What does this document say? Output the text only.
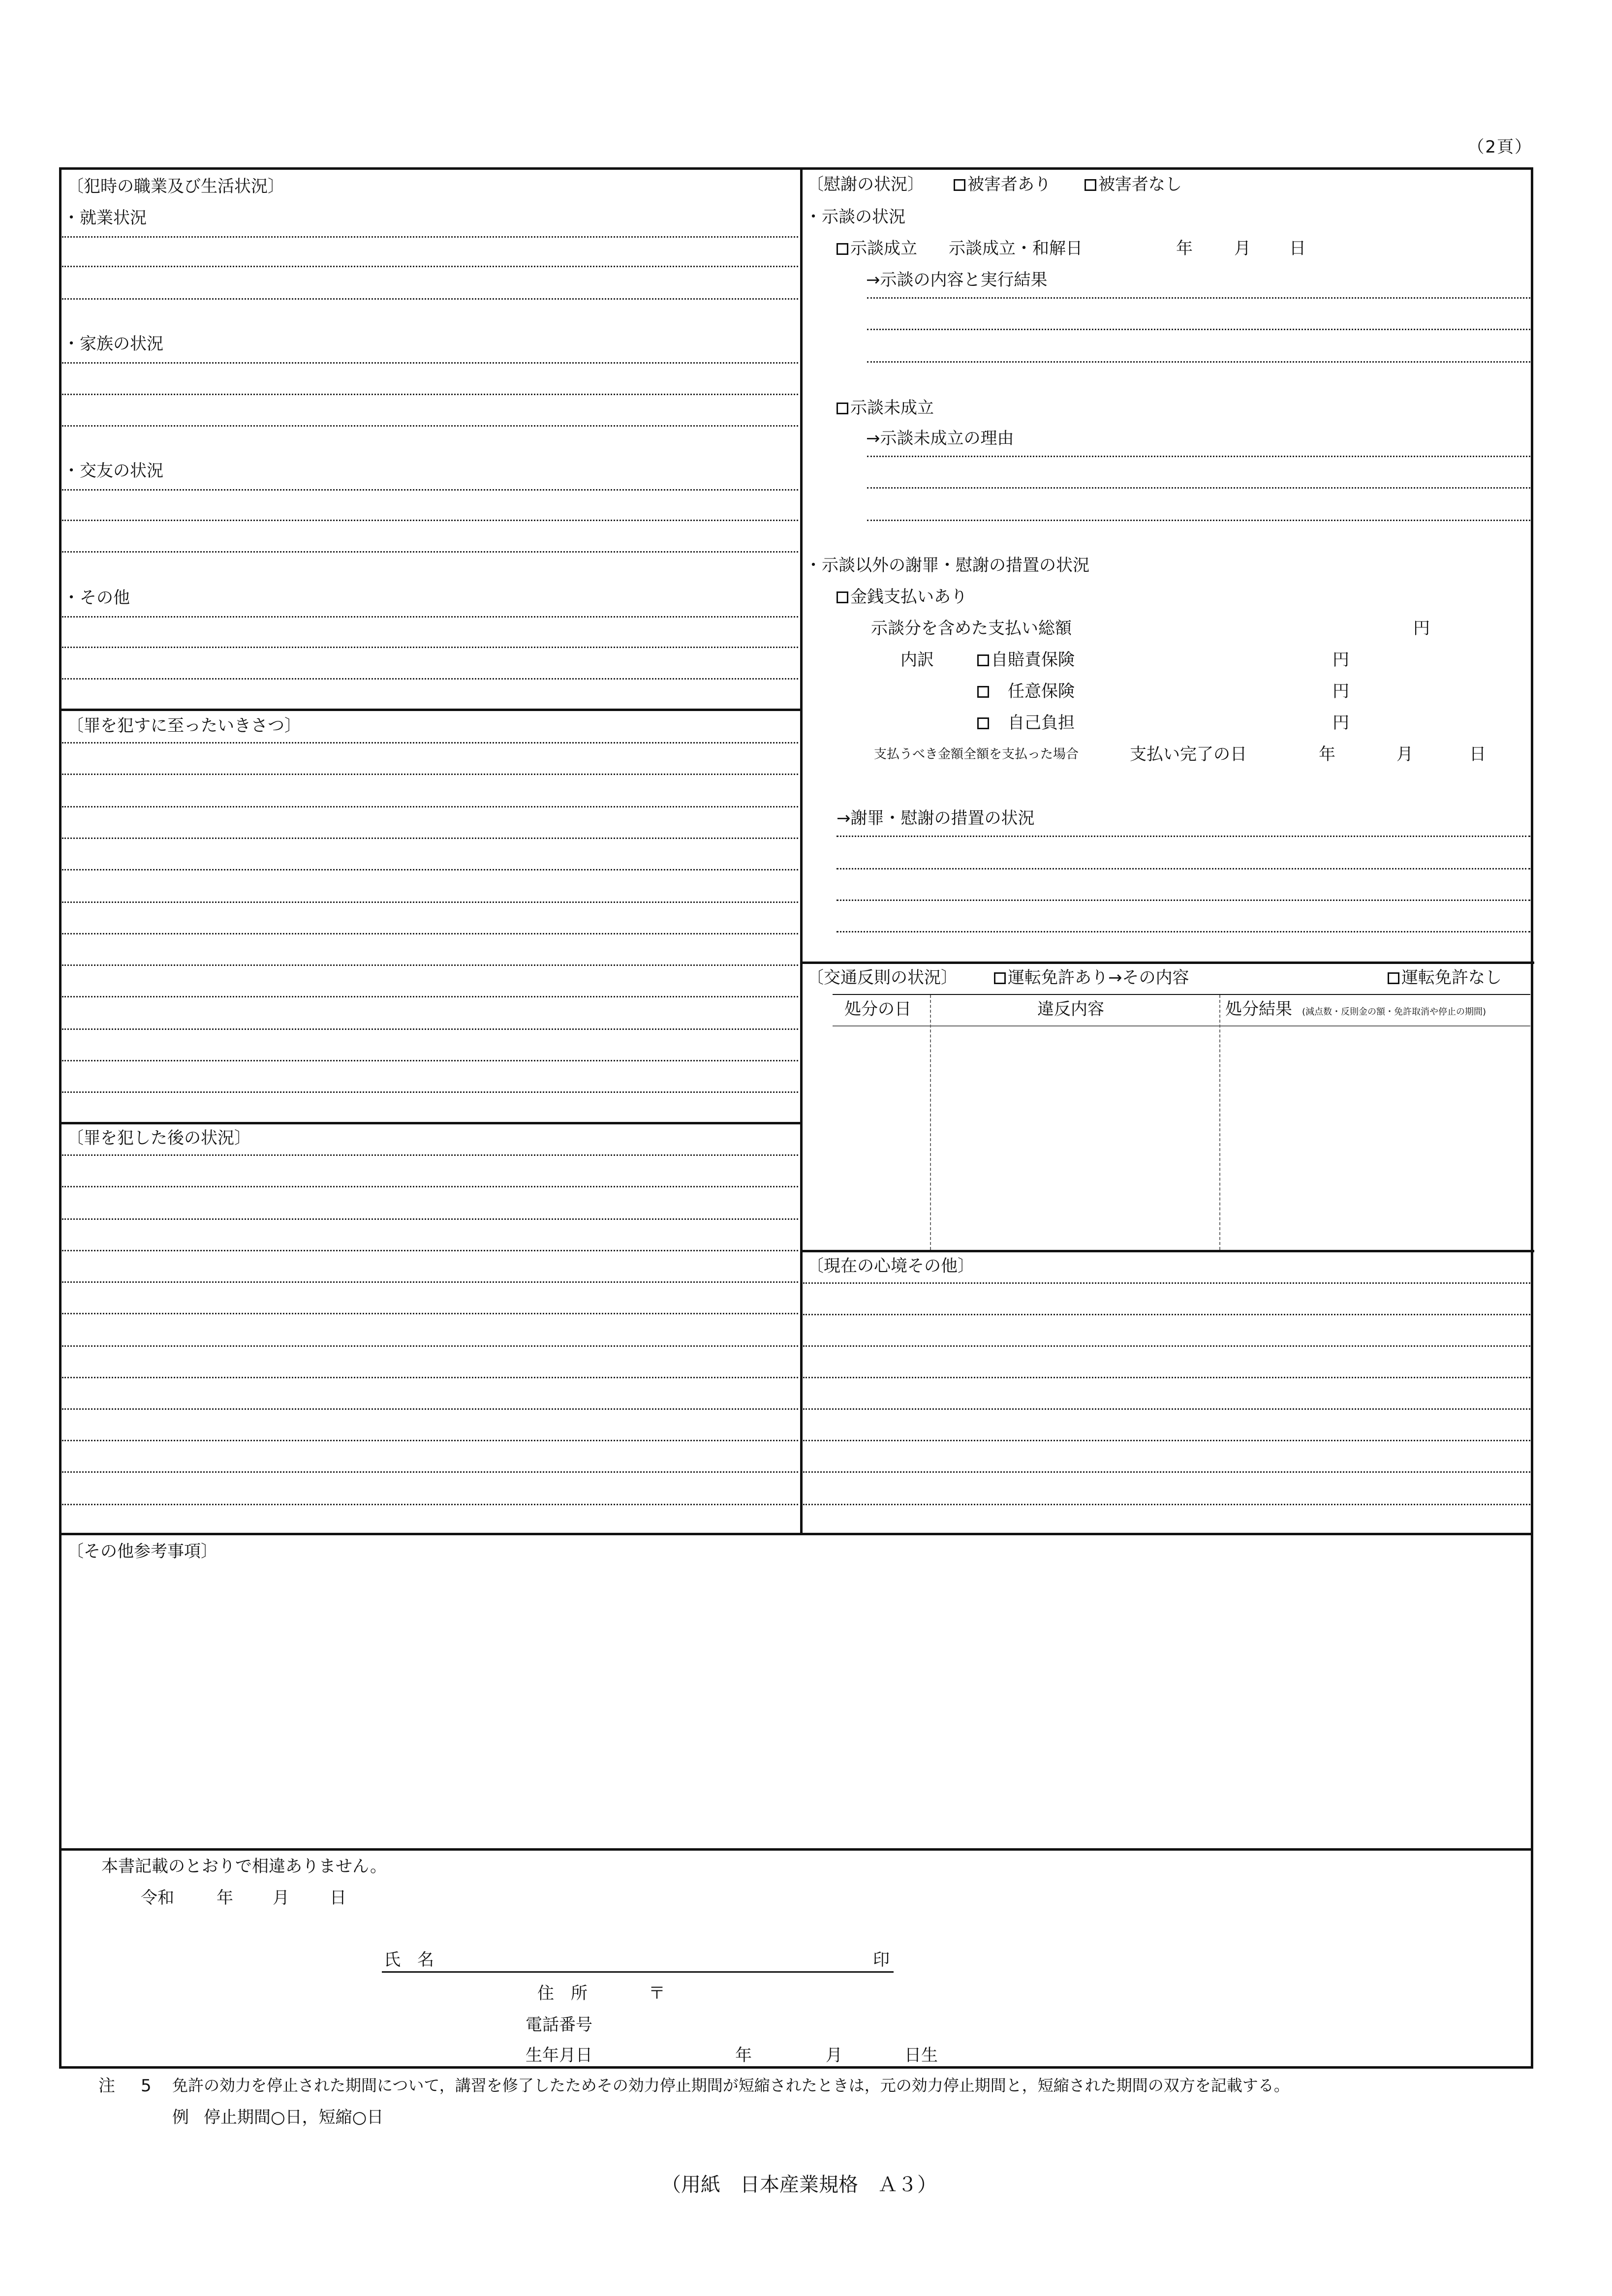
（2頁）
〔犯時の職業及び生活状況〕
・就業状況
・家族の状況
・交友の状況
・その他
〔罪を犯すに至ったいきさつ〕
〔罪を犯した後の状況〕
〔慰謝の状況〕	被害者あり	被害者なし
・示談の状況
示談成立 示談成立・和解日	年 月 日
→示談の内容と実行結果
示談未成立
→示談未成立の理由
・示談以外の謝罪・慰謝の措置の状況
金銭支払いあり
示談分を含めた支払い総額	円
内訳	自賠責保険	円
　任意保険	円
　自己負担	円
支払うべき金額全額を支払った場合	支払い完了の日	年	月	日
→謝罪・慰謝の措置の状況
〔交通反則の状況〕	運転免許あり→その内容	運転免許なし
処分の日	違反内容	処分結果 (減点数・反則金の額・免許取消や停止の期間)
〔現在の心境その他〕
〔その他参考事項〕
本書記載のとおりで相違ありません。
令和	年 月 日
氏　名	印
住　所	〒
電話番号
生年月日	年	月	日生
注 5 免許の効力を停止された期間について，講習を修了したためその効力停止期間が短縮されたときは，元の効力停止期間と，短縮された期間の双方を記載する。
例 停止期間○日，短縮○日
（用紙　日本産業規格　Ａ３）
